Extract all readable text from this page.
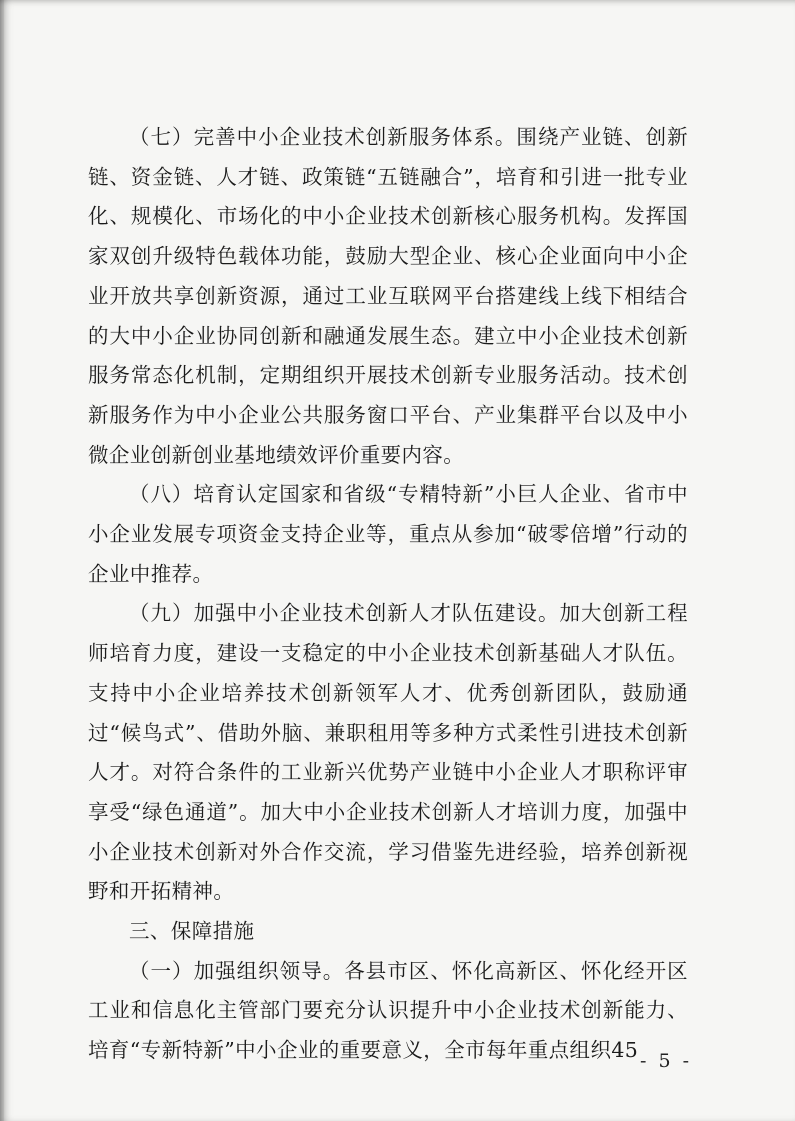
（七）完善中小企业技术创新服务体系。围绕产业链、创新链、资金链、人才链、政策链“五链融合”，培育和引进一批专业化、规模化、市场化的中小企业技术创新核心服务机构。发挥国家双创升级特色载体功能，鼓励大型企业、核心企业面向中小企业开放共享创新资源，通过工业互联网平台搭建线上线下相结合的大中小企业协同创新和融通发展生态。建立中小企业技术创新服务常态化机制，定期组织开展技术创新专业服务活动。技术创新服务作为中小企业公共服务窗口平台、产业集群平台以及中小微企业创新创业基地绩效评价重要内容。

（八）培育认定国家和省级“专精特新”小巨人企业、省市中小企业发展专项资金支持企业等，重点从参加“破零倍增”行动的企业中推荐。

（九）加强中小企业技术创新人才队伍建设。加大创新工程师培育力度，建设一支稳定的中小企业技术创新基础人才队伍。支持中小企业培养技术创新领军人才、优秀创新团队，鼓励通过“候鸟式”、借助外脑、兼职租用等多种方式柔性引进技术创新人才。对符合条件的工业新兴优势产业链中小企业人才职称评审享受“绿色通道”。加大中小企业技术创新人才培训力度，加强中小企业技术创新对外合作交流，学习借鉴先进经验，培养创新视野和开拓精神。

三、保障措施

（一）加强组织领导。各县市区、怀化高新区、怀化经开区工业和信息化主管部门要充分认识提升中小企业技术创新能力、培育“专新特新”中小企业的重要意义，全市每年重点组织45 - 5 -
